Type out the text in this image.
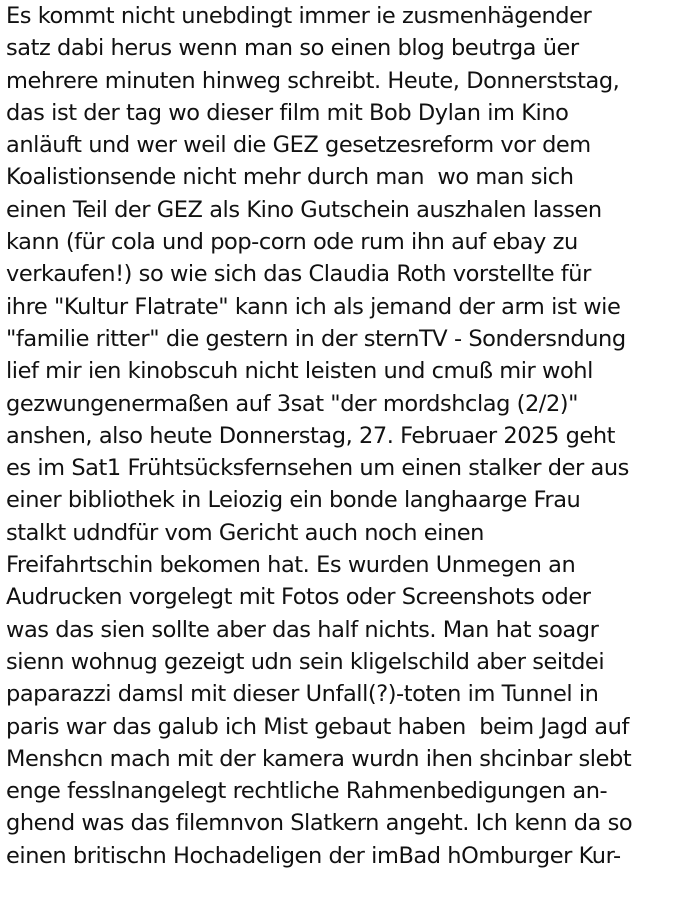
Es kommt nicht unebdingt immer ie zusmenhägender
satz dabi herus wenn man so einen blog beutrga üer
mehrere minuten hinweg schreibt. Heute, Donnerststag,
das ist der tag wo dieser film mit Bob Dylan im Kino
anläuft und wer weil die GEZ gesetzesreform vor dem
Koalistionsende nicht mehr durch man  wo man sich
einen Teil der GEZ als Kino Gutschein auszhalen lassen
kann (für cola und pop-corn ode rum ihn auf ebay zu
verkaufen!) so wie sich das Claudia Roth vorstellte für
ihre "Kultur Flatrate" kann ich als jemand der arm ist wie
"familie ritter" die gestern in der sternTV - Sondersndung
lief mir ien kinobscuh nicht leisten und cmuß mir wohl
gezwungenermaßen auf 3sat "der mordshclag (2/2)"
anshen, also heute Donnerstag, 27. Februaer 2025 geht
es im Sat1 Frühtsücksfernsehen um einen stalker der aus
einer bibliothek in Leiozig ein bonde langhaarge Frau
stalkt udndfür vom Gericht auch noch einen
Freifahrtschin bekomen hat. Es wurden Unmegen an
Audrucken vorgelegt mit Fotos oder Screenshots oder
was das sien sollte aber das half nichts. Man hat soagr
sienn wohnug gezeigt udn sein kligelschild aber seitdei
paparazzi damsl mit dieser Unfall(?)-toten im Tunnel in
paris war das galub ich Mist gebaut haben  beim Jagd auf
Menshcn mach mit der kamera wurdn ihen shcinbar slebt
enge fesslnangelegt rechtliche Rahmenbedigungen an-
ghend was das filemnvon Slatkern angeht. Ich kenn da so
einen britischn Hochadeligen der imBad hOmburger Kur-
